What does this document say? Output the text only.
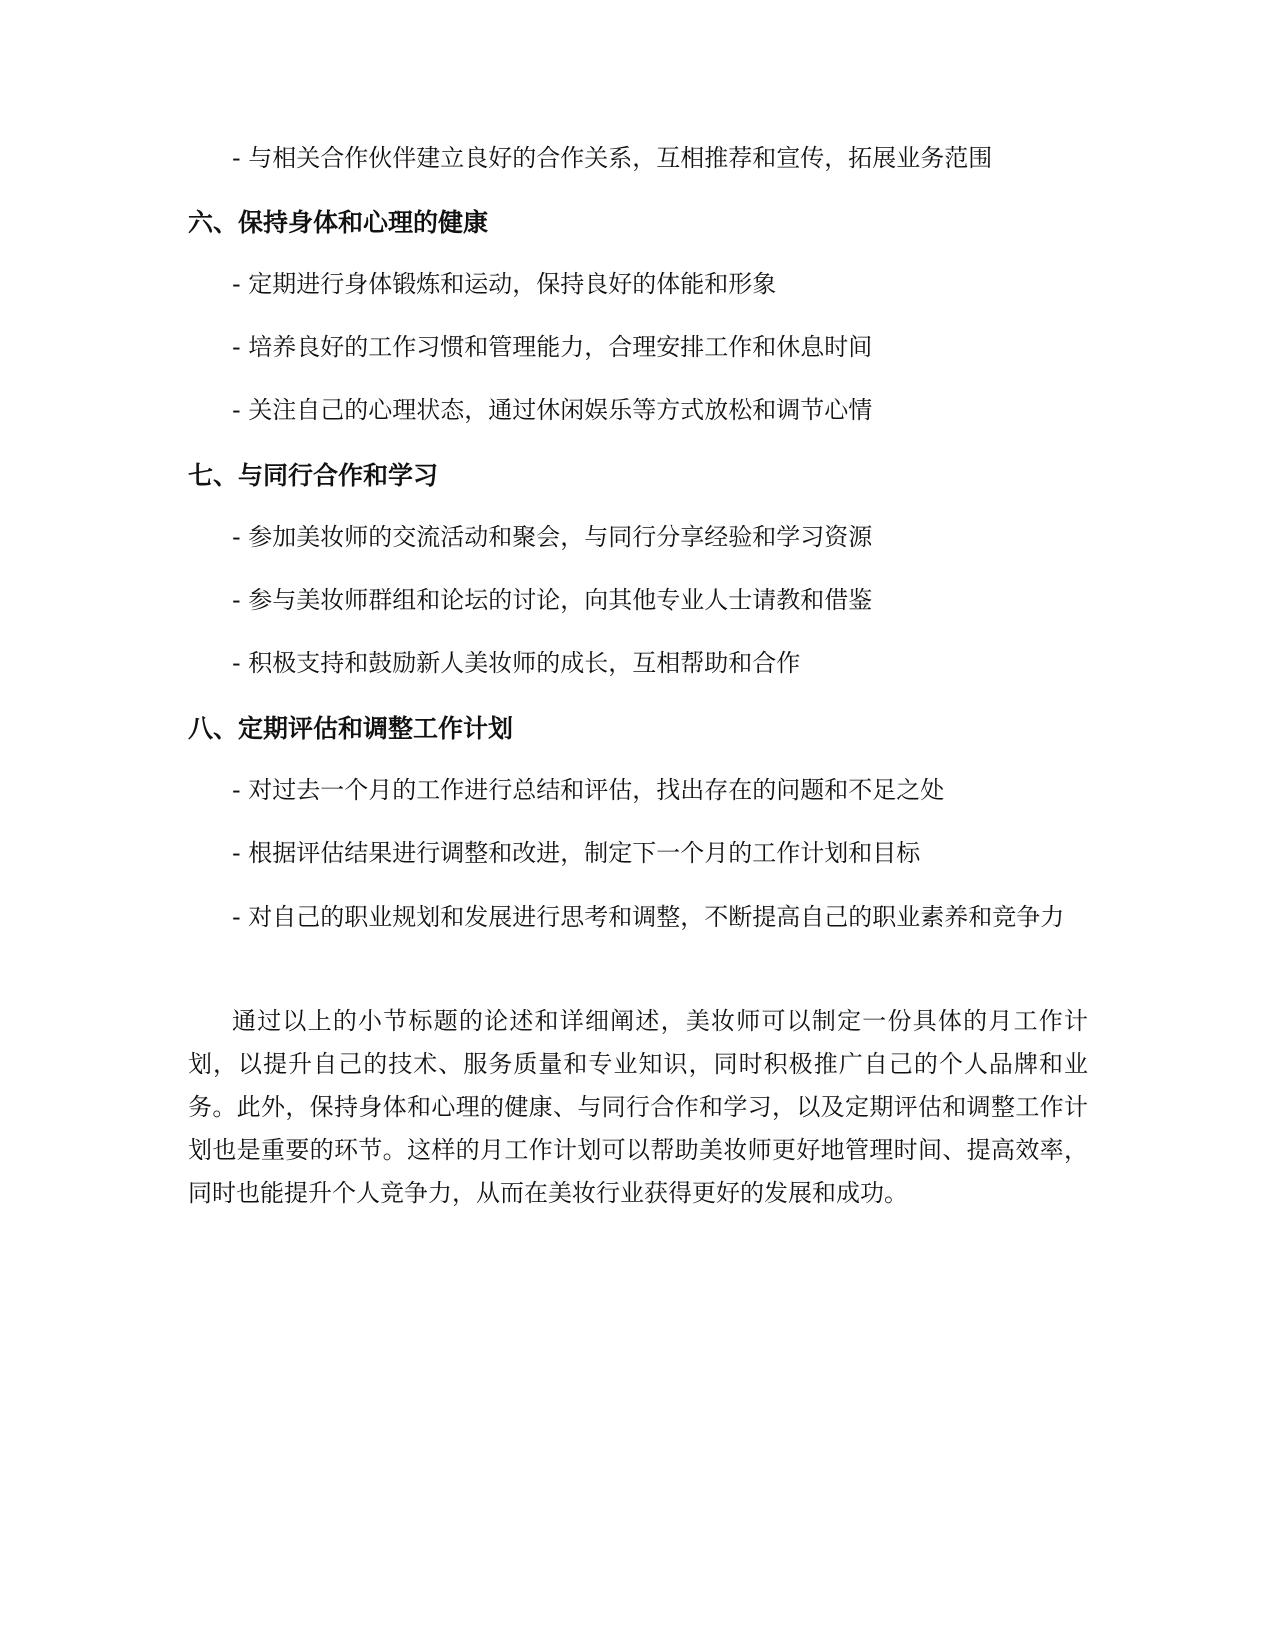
- 与相关合作伙伴建立良好的合作关系，互相推荐和宣传，拓展业务范围
六、保持身体和心理的健康
- 定期进行身体锻炼和运动，保持良好的体能和形象
- 培养良好的工作习惯和管理能力，合理安排工作和休息时间
- 关注自己的心理状态，通过休闲娱乐等方式放松和调节心情
七、与同行合作和学习
- 参加美妆师的交流活动和聚会，与同行分享经验和学习资源
- 参与美妆师群组和论坛的讨论，向其他专业人士请教和借鉴
- 积极支持和鼓励新人美妆师的成长，互相帮助和合作
八、定期评估和调整工作计划
- 对过去一个月的工作进行总结和评估，找出存在的问题和不足之处
- 根据评估结果进行调整和改进，制定下一个月的工作计划和目标
- 对自己的职业规划和发展进行思考和调整，不断提高自己的职业素养和竞争力
通过以上的小节标题的论述和详细阐述，美妆师可以制定一份具体的月工作计划，以提升自己的技术、服务质量和专业知识，同时积极推广自己的个人品牌和业务。此外，保持身体和心理的健康、与同行合作和学习，以及定期评估和调整工作计划也是重要的环节。这样的月工作计划可以帮助美妆师更好地管理时间、提高效率，同时也能提升个人竞争力，从而在美妆行业获得更好的发展和成功。
